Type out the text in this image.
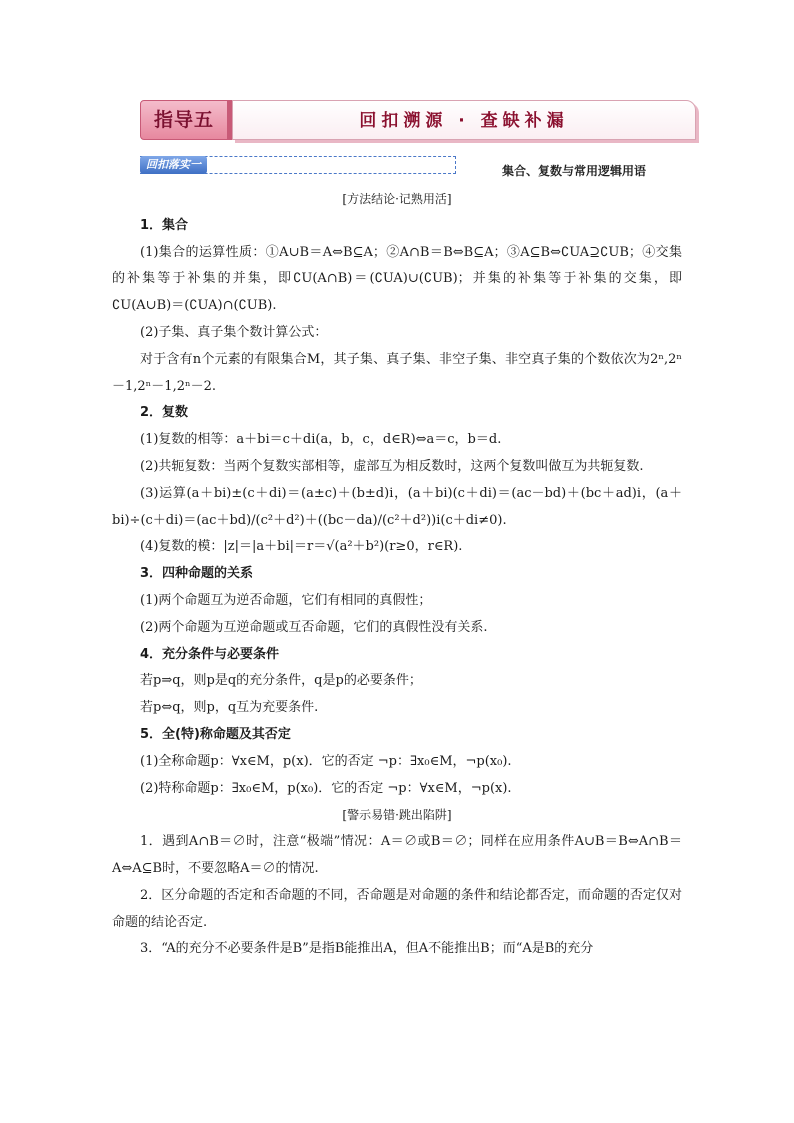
指导五	回扣溯源 · 查缺补漏
回扣落实一	集合、复数与常用逻辑用语

[方法结论·记熟用活]

1．集合

(1)集合的运算性质：①A∪B＝A⇔B⊆A；②A∩B＝B⇔B⊆A；③A⊆B⇔∁UA⊇∁UB；④交集的补集等于补集的并集，即∁U(A∩B)＝(∁UA)∪(∁UB)；并集的补集等于补集的交集，即∁U(A∪B)＝(∁UA)∩(∁UB).

(2)子集、真子集个数计算公式：

对于含有n个元素的有限集合M，其子集、真子集、非空子集、非空真子集的个数依次为2ⁿ,2ⁿ－1,2ⁿ－1,2ⁿ－2.

2．复数

(1)复数的相等：a＋bi＝c＋di(a，b，c，d∈R)⇔a＝c，b＝d.

(2)共轭复数：当两个复数实部相等，虚部互为相反数时，这两个复数叫做互为共轭复数.

(3)运算(a＋bi)±(c＋di)＝(a±c)＋(b±d)i，(a＋bi)(c＋di)＝(ac－bd)＋(bc＋ad)i，(a＋bi)÷(c＋di)＝(ac＋bd)/(c²＋d²)＋((bc－da)/(c²＋d²))i(c＋di≠0).

(4)复数的模：|z|＝|a＋bi|＝r＝√(a²＋b²)(r≥0，r∈R).

3．四种命题的关系

(1)两个命题互为逆否命题，它们有相同的真假性；

(2)两个命题为互逆命题或互否命题，它们的真假性没有关系.

4．充分条件与必要条件

若p⇒q，则p是q的充分条件，q是p的必要条件；

若p⇔q，则p，q互为充要条件.

5．全(特)称命题及其否定

(1)全称命题p：∀x∈M，p(x)．它的否定 ¬p：∃x₀∈M，¬p(x₀).

(2)特称命题p：∃x₀∈M，p(x₀)．它的否定 ¬p：∀x∈M，¬p(x).

[警示易错·跳出陷阱]

1．遇到A∩B＝∅时，注意“极端”情况：A＝∅或B＝∅；同样在应用条件A∪B＝B⇔A∩B＝A⇔A⊆B时，不要忽略A＝∅的情况.

2．区分命题的否定和否命题的不同，否命题是对命题的条件和结论都否定，而命题的否定仅对命题的结论否定.

3．“A的充分不必要条件是B”是指B能推出A，但A不能推出B；而“A是B的充分
